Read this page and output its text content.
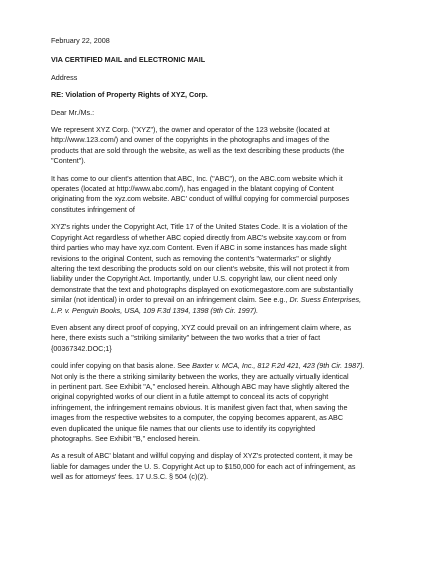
February 22, 2008
VIA CERTIFIED MAIL and ELECTRONIC MAIL
Address
RE: Violation of Property Rights of XYZ, Corp.
Dear Mr./Ms.:
We represent XYZ Corp. ("XYZ"), the owner and operator of the 123 website (located at
http://www.123.com/) and owner of the copyrights in the photographs and images of the
products that are sold through the website, as well as the text describing these products (the
"Content").
It has come to our client's attention that ABC, Inc. ("ABC"), on the ABC.com website which it
operates (located at http://www.abc.com/), has engaged in the blatant copying of Content
originating from the xyz.com website. ABC' conduct of willful copying for commercial purposes
constitutes infringement of
XYZ's rights under the Copyright Act, Title 17 of the United States Code. It is a violation of the
Copyright Act regardless of whether ABC copied directly from ABC's website xay.com or from
third parties who may have xyz.com Content. Even if ABC in some instances has made slight
revisions to the original Content, such as removing the content's "watermarks" or slightly
altering the text describing the products sold on our client's website, this will not protect it from
liability under the Copyright Act. Importantly, under U.S. copyright law, our client need only
demonstrate that the text and photographs displayed on exoticmegastore.com are substantially
similar (not identical) in order to prevail on an infringement claim. See e.g., Dr. Suess Enterprises,
L.P. v. Penguin Books, USA, 109 F.3d 1394, 1398 (9th Cir. 1997).
Even absent any direct proof of copying, XYZ could prevail on an infringement claim where, as
here, there exists such a "striking similarity" between the two works that a trier of fact
{00367342.DOC;1}
could infer copying on that basis alone. See Baxter v. MCA, Inc., 812 F.2d 421, 423 (9th Cir. 1987).
Not only is the there a striking similarity between the works, they are actually virtually identical
in pertinent part. See Exhibit "A," enclosed herein. Although ABC may have slightly altered the
original copyrighted works of our client in a futile attempt to conceal its acts of copyright
infringement, the infringement remains obvious. It is manifest given fact that, when saving the
images from the respective websites to a computer, the copying becomes apparent, as ABC
even duplicated the unique file names that our clients use to identify its copyrighted
photographs. See Exhibit "B," enclosed herein.
As a result of ABC' blatant and willful copying and display of XYZ's protected content, it may be
liable for damages under the U. S. Copyright Act up to $150,000 for each act of infringement, as
well as for attorneys' fees. 17 U.S.C. § 504 (c)(2).
